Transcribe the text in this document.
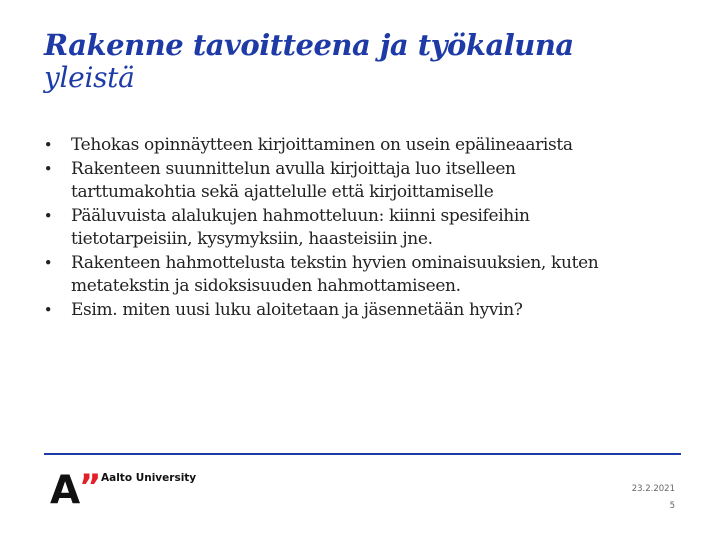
Rakenne tavoitteena ja työkaluna
yleistä
• Tehokas opinnäytteen kirjoittaminen on usein epälineaarista
• Rakenteen suunnittelun avulla kirjoittaja luo itselleen
tarttumakohtia sekä ajattelulle että kirjoittamiselle
• Pääluvuista alalukujen hahmotteluun: kiinni spesifeihin
tietotarpeisiin, kysymyksiin, haasteisiin jne.
• Rakenteen hahmottelusta tekstin hyvien ominaisuuksien, kuten
metatekstin ja sidoksisuuden hahmottamiseen.
• Esim. miten uusi luku aloitetaan ja jäsennetään hyvin?
A
” Aalto University
23.2.2021
5
